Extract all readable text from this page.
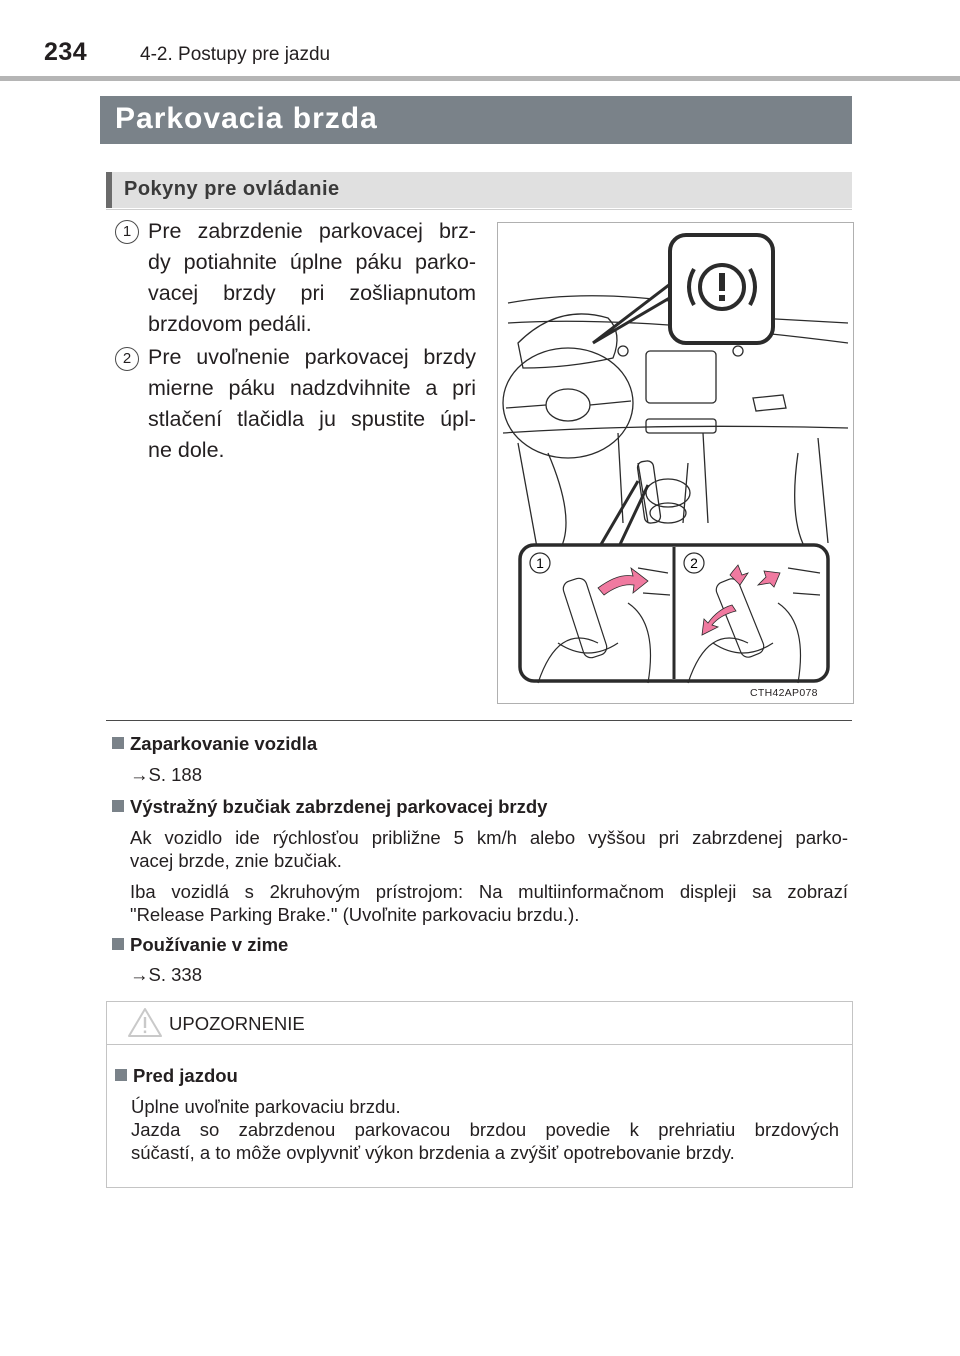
234	4-2. Postupy pre jazdu
Parkovacia brzda
Pokyny pre ovládanie
1 Pre zabrzdenie parkovacej brz-
dy potiahnite úplne páku parko-
vacej brzdy pri zošliapnutom
brzdovom pedáli.
2 Pre uvoľnenie parkovacej brzdy
mierne páku nadzdvihnite a pri
stlačení tlačidla ju spustite úpl-
ne dole.
1	2
CTH42AP078
Zaparkovanie vozidla
→S. 188
Výstražný bzučiak zabrzdenej parkovacej brzdy
Ak vozidlo ide rýchlosťou približne 5 km/h alebo vyššou pri zabrzdenej parko-
vacej brzde, znie bzučiak.
Iba vozidlá s 2kruhovým prístrojom: Na multiinformačnom displeji sa zobrazí
"Release Parking Brake." (Uvoľnite parkovaciu brzdu.).
Používanie v zime
→S. 338
UPOZORNENIE
Pred jazdou
Úplne uvoľnite parkovaciu brzdu.
Jazda so zabrzdenou parkovacou brzdou povedie k prehriatiu brzdových
súčastí, a to môže ovplyvniť výkon brzdenia a zvýšiť opotrebovanie brzdy.
